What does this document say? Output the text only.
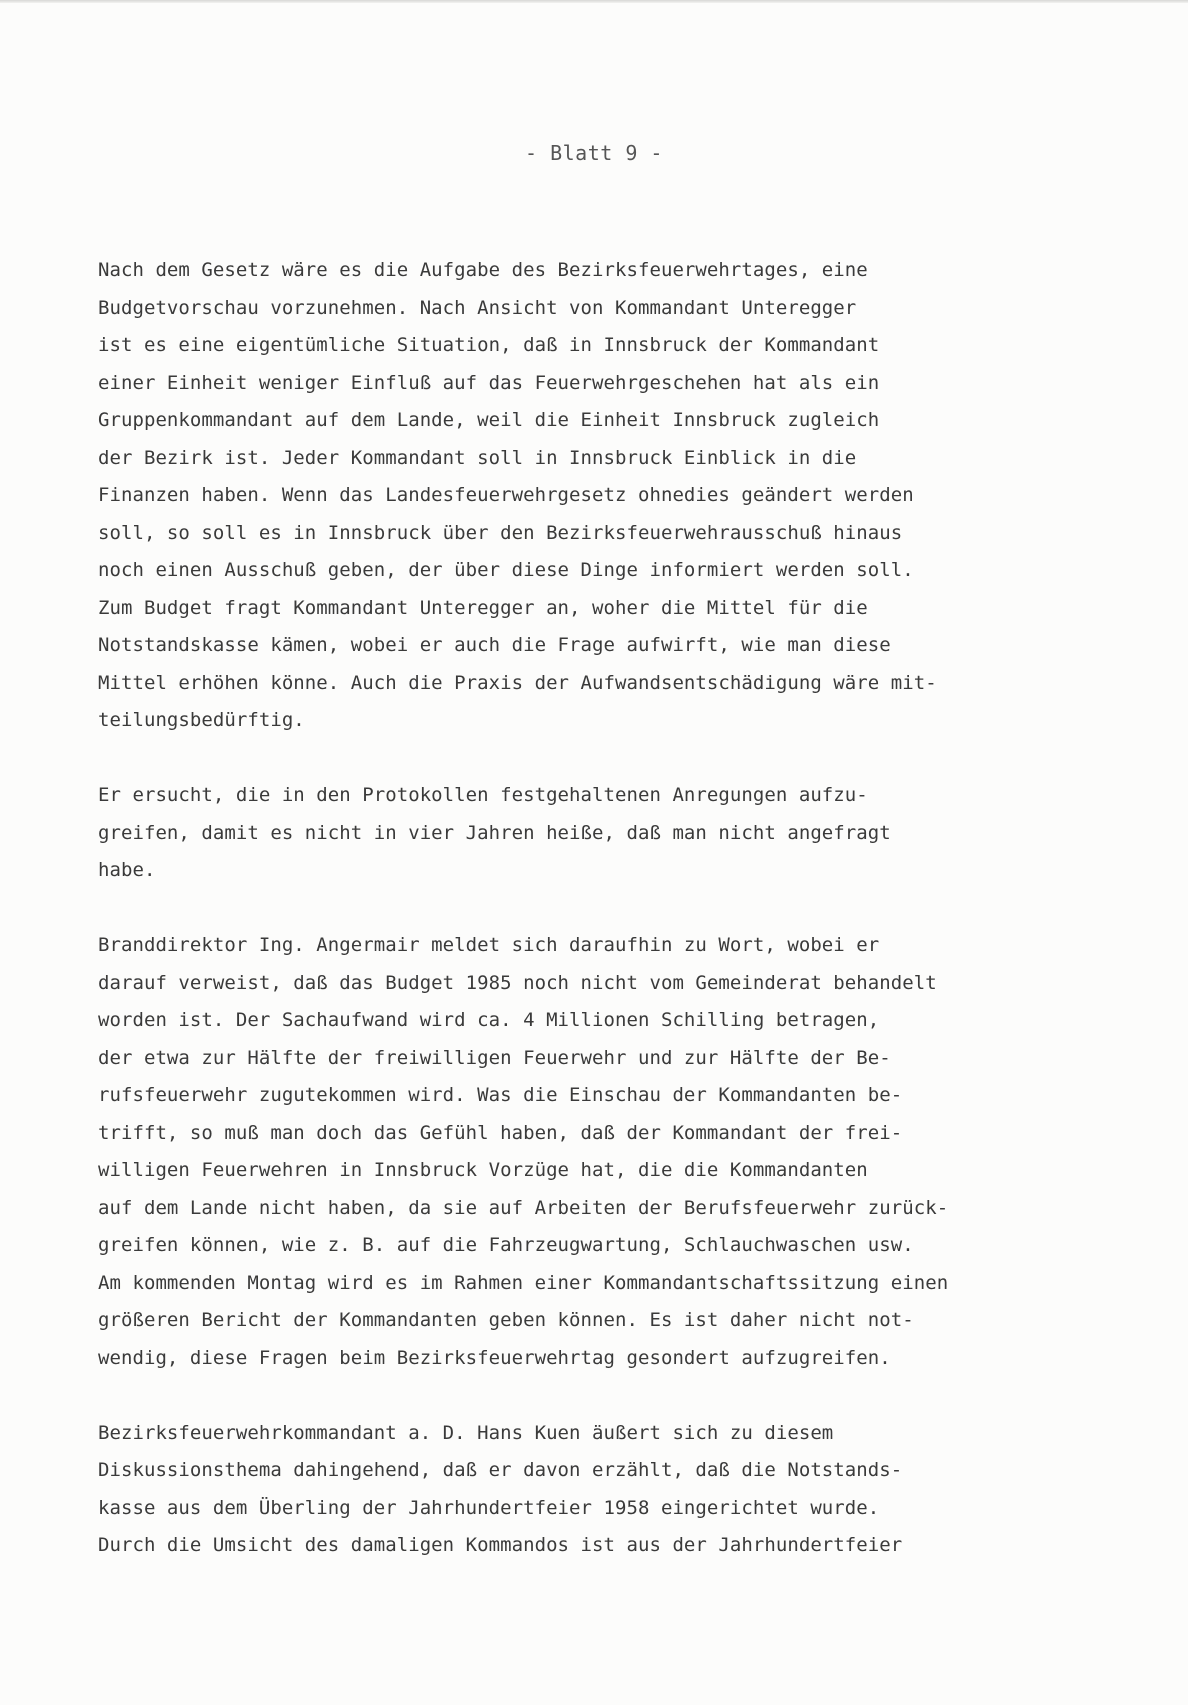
- Blatt 9 -
Nach dem Gesetz wäre es die Aufgabe des Bezirksfeuerwehrtages, eine
Budgetvorschau vorzunehmen. Nach Ansicht von Kommandant Unteregger
ist es eine eigentümliche Situation, daß in Innsbruck der Kommandant
einer Einheit weniger Einfluß auf das Feuerwehrgeschehen hat als ein
Gruppenkommandant auf dem Lande, weil die Einheit Innsbruck zugleich
der Bezirk ist. Jeder Kommandant soll in Innsbruck Einblick in die
Finanzen haben. Wenn das Landesfeuerwehrgesetz ohnedies geändert werden
soll, so soll es in Innsbruck über den Bezirksfeuerwehrausschuß hinaus
noch einen Ausschuß geben, der über diese Dinge informiert werden soll.
Zum Budget fragt Kommandant Unteregger an, woher die Mittel für die
Notstandskasse kämen, wobei er auch die Frage aufwirft, wie man diese
Mittel erhöhen könne. Auch die Praxis der Aufwandsentschädigung wäre mit-
teilungsbedürftig.
Er ersucht, die in den Protokollen festgehaltenen Anregungen aufzu-
greifen, damit es nicht in vier Jahren heiße, daß man nicht angefragt
habe.
Branddirektor Ing. Angermair meldet sich daraufhin zu Wort, wobei er
darauf verweist, daß das Budget 1985 noch nicht vom Gemeinderat behandelt
worden ist. Der Sachaufwand wird ca. 4 Millionen Schilling betragen,
der etwa zur Hälfte der freiwilligen Feuerwehr und zur Hälfte der Be-
rufsfeuerwehr zugutekommen wird. Was die Einschau der Kommandanten be-
trifft, so muß man doch das Gefühl haben, daß der Kommandant der frei-
willigen Feuerwehren in Innsbruck Vorzüge hat, die die Kommandanten
auf dem Lande nicht haben, da sie auf Arbeiten der Berufsfeuerwehr zurück-
greifen können, wie z. B. auf die Fahrzeugwartung, Schlauchwaschen usw.
Am kommenden Montag wird es im Rahmen einer Kommandantschaftssitzung einen
größeren Bericht der Kommandanten geben können. Es ist daher nicht not-
wendig, diese Fragen beim Bezirksfeuerwehrtag gesondert aufzugreifen.
Bezirksfeuerwehrkommandant a. D. Hans Kuen äußert sich zu diesem
Diskussionsthema dahingehend, daß er davon erzählt, daß die Notstands-
kasse aus dem Überling der Jahrhundertfeier 1958 eingerichtet wurde.
Durch die Umsicht des damaligen Kommandos ist aus der Jahrhundertfeier
